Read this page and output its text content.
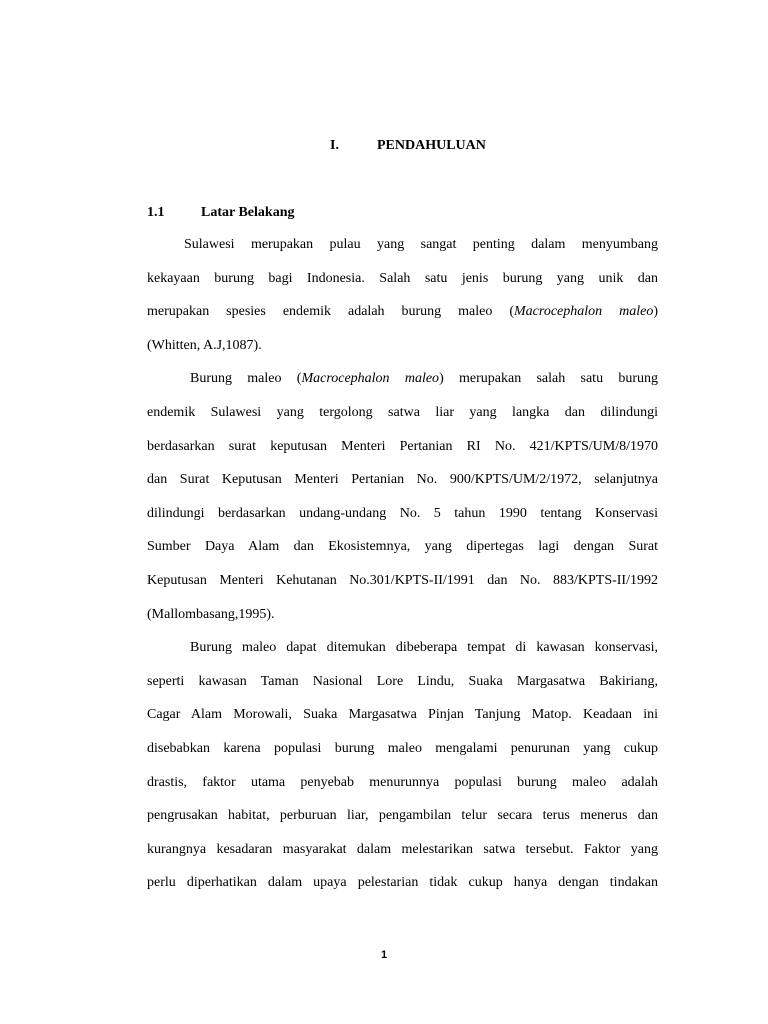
I.	PENDAHULUAN
1.1	Latar Belakang
Sulawesi merupakan pulau yang sangat penting dalam menyumbang
kekayaan burung bagi Indonesia. Salah satu jenis burung yang unik dan
merupakan spesies endemik adalah burung maleo (Macrocephalon maleo)
(Whitten, A.J,1087).
Burung maleo (Macrocephalon maleo) merupakan salah satu burung
endemik Sulawesi yang tergolong satwa liar yang langka dan dilindungi
berdasarkan surat keputusan Menteri Pertanian RI No. 421/KPTS/UM/8/1970
dan Surat Keputusan Menteri Pertanian No. 900/KPTS/UM/2/1972, selanjutnya
dilindungi berdasarkan undang-undang No. 5 tahun 1990 tentang Konservasi
Sumber Daya Alam dan Ekosistemnya, yang dipertegas lagi dengan Surat
Keputusan Menteri Kehutanan No.301/KPTS-II/1991 dan No. 883/KPTS-II/1992
(Mallombasang,1995).
Burung maleo dapat ditemukan dibeberapa tempat di kawasan konservasi,
seperti kawasan Taman Nasional Lore Lindu, Suaka Margasatwa Bakiriang,
Cagar Alam Morowali, Suaka Margasatwa Pinjan Tanjung Matop. Keadaan ini
disebabkan karena populasi burung maleo mengalami penurunan yang cukup
drastis, faktor utama penyebab menurunnya populasi burung maleo adalah
pengrusakan habitat, perburuan liar, pengambilan telur secara terus menerus dan
kurangnya kesadaran masyarakat dalam melestarikan satwa tersebut. Faktor yang
perlu diperhatikan dalam upaya pelestarian tidak cukup hanya dengan tindakan
1
